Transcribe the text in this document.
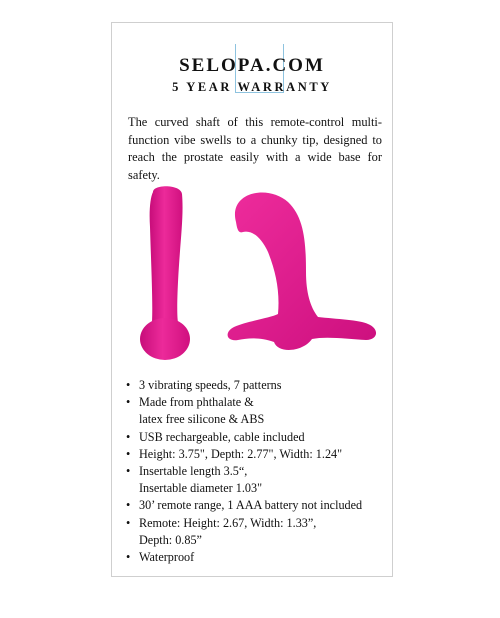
SELOPA.COM
5 YEAR WARRANTY
The curved shaft of this remote-control multi-function vibe swells to a chunky tip, designed to reach the prostate easily with a wide base for safety.
• 3 vibrating speeds, 7 patterns
• Made from phthalate &
latex free silicone & ABS
• USB rechargeable, cable included
• Height: 3.75", Depth: 2.77", Width: 1.24"
• Insertable length 3.5“,
Insertable diameter 1.03"
• 30’ remote range, 1 AAA battery not included
• Remote: Height: 2.67, Width: 1.33”,
Depth: 0.85”
• Waterproof
